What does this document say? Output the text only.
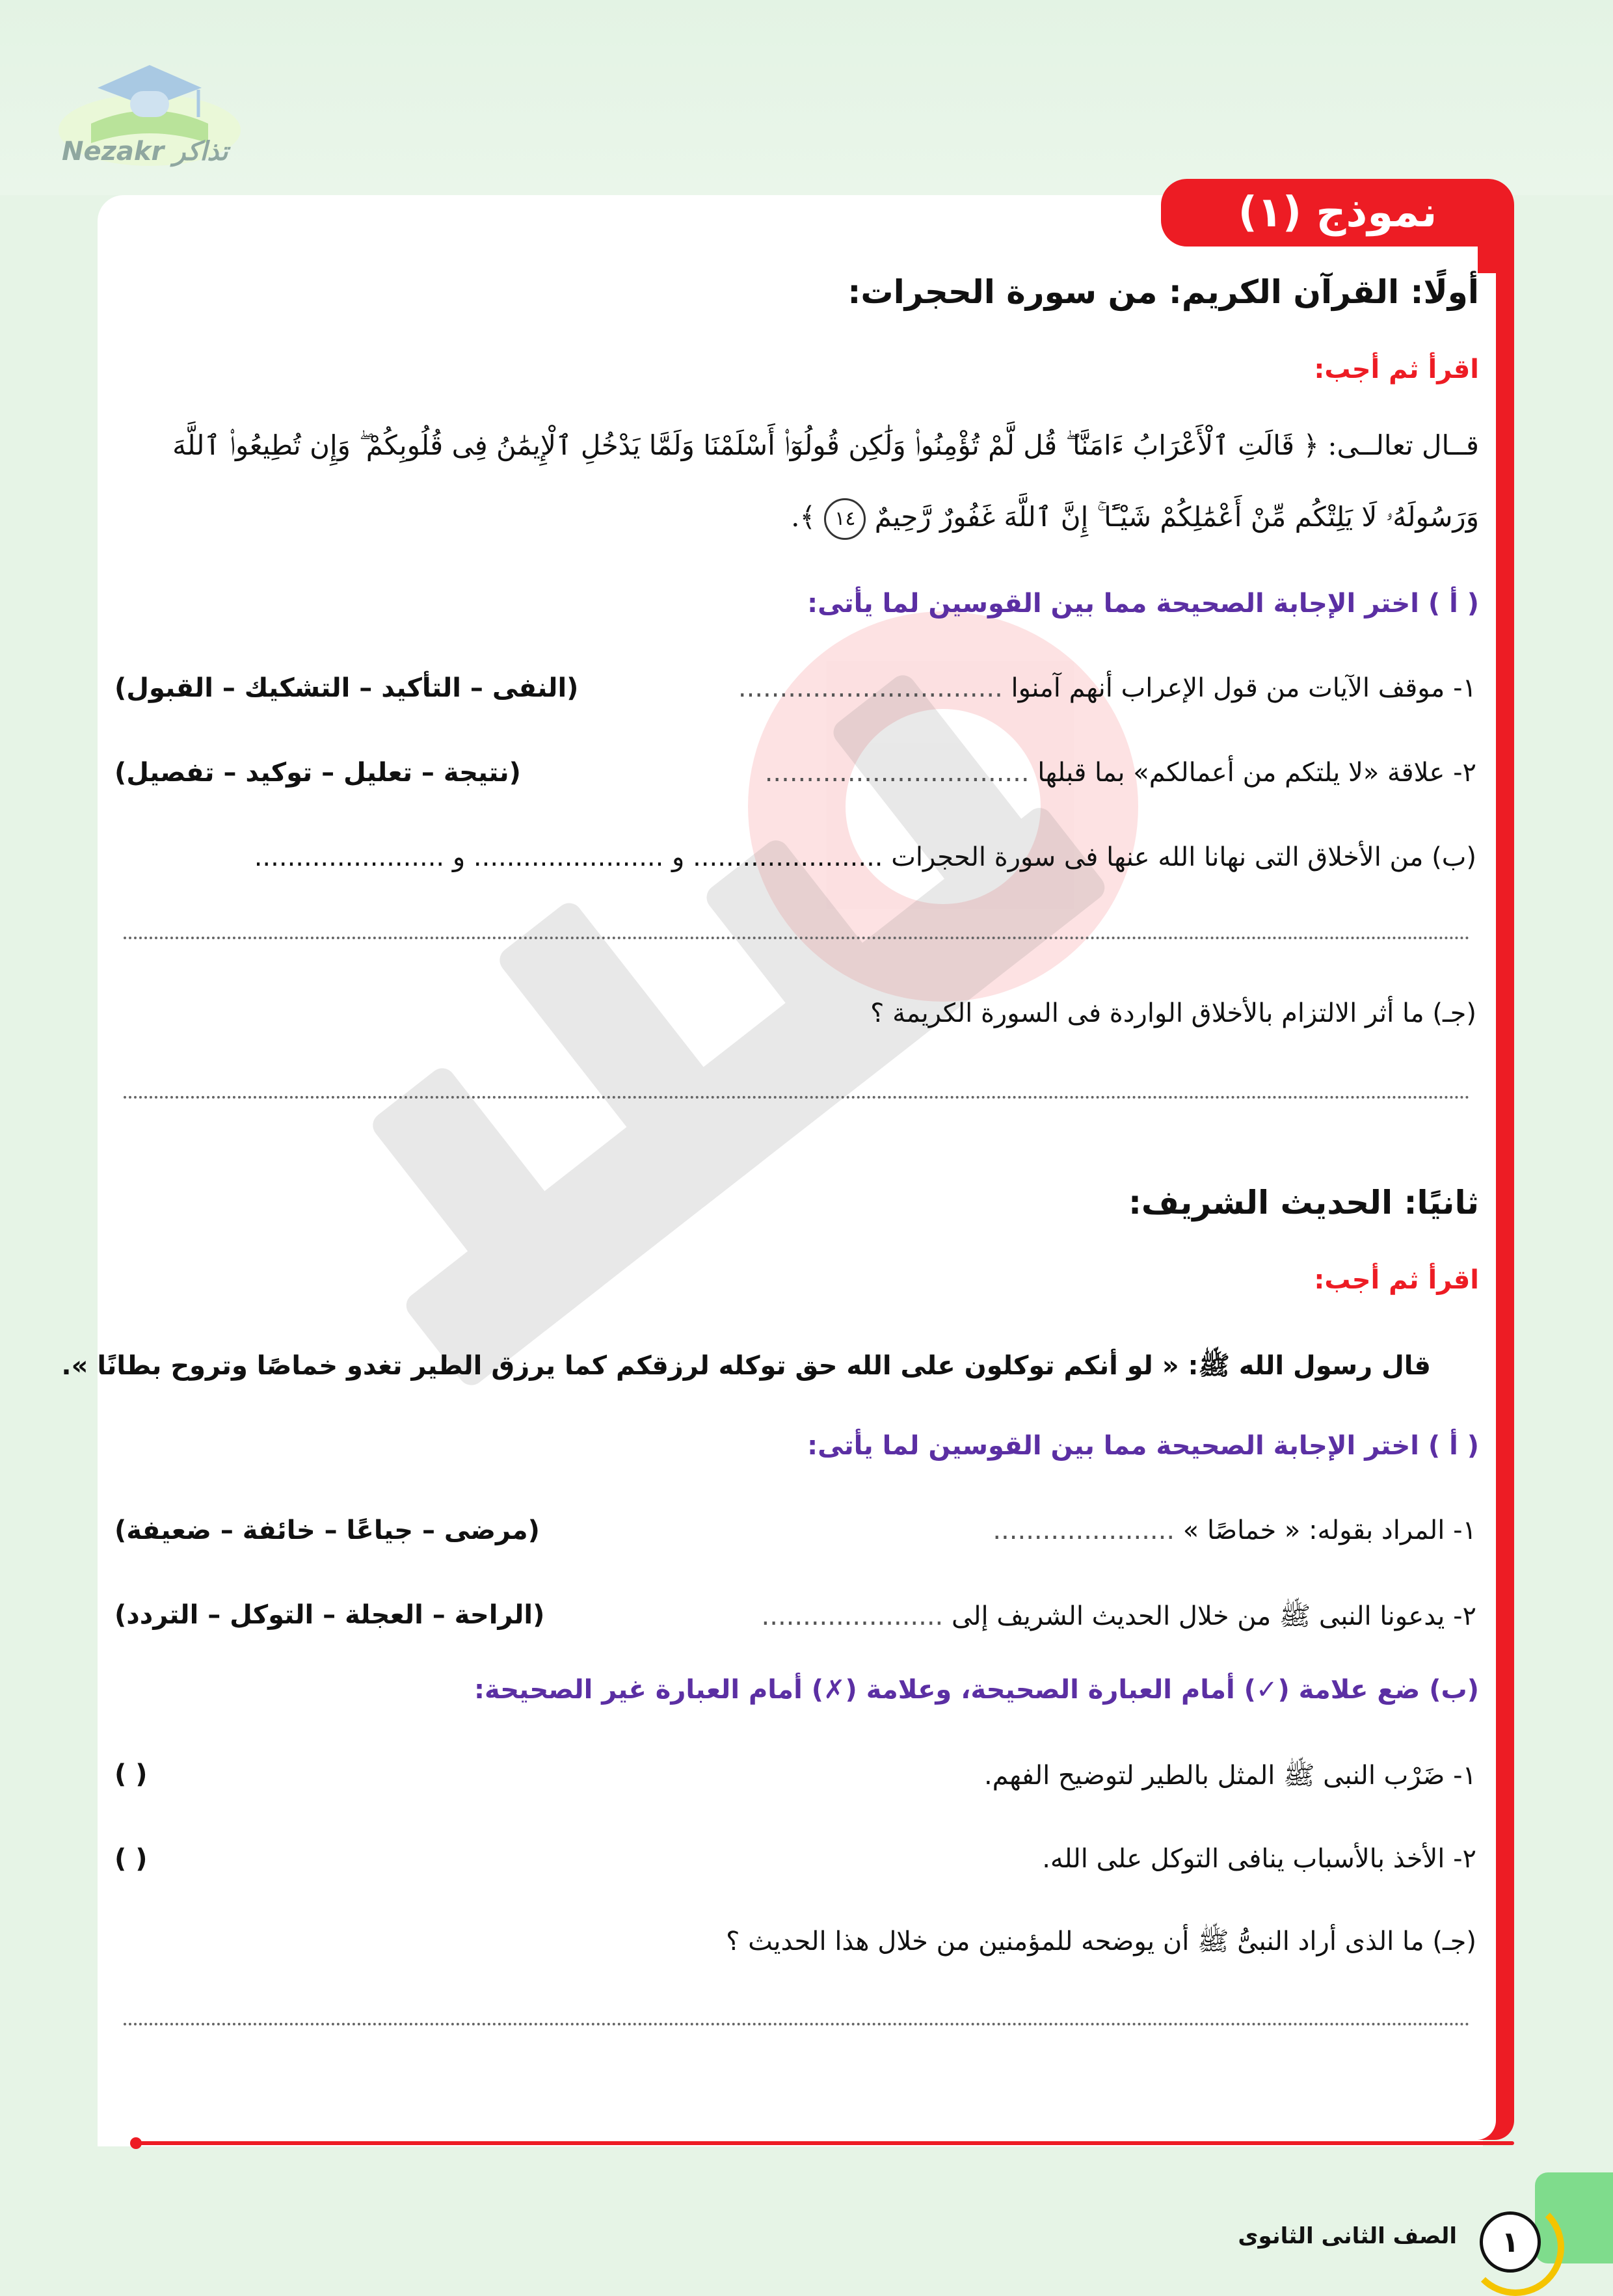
Nezakr تذاكر
نموذج (١)
أولًا: القرآن الكريم: من سورة الحجرات:
اقرأ ثم أجب:
قــال تعالــى: ﴿ قَالَتِ ٱلْأَعْرَابُ ءَامَنَّا ۖ قُل لَّمْ تُؤْمِنُوا۟ وَلَٰكِن قُولُوٓا۟ أَسْلَمْنَا وَلَمَّا يَدْخُلِ ٱلْإِيمَٰنُ فِى قُلُوبِكُمْ ۖ وَإِن تُطِيعُوا۟ ٱللَّهَ وَرَسُولَهُۥ لَا يَلِتْكُم مِّنْ أَعْمَٰلِكُمْ شَيْـًٔا ۚ إِنَّ ٱللَّهَ غَفُورٌ رَّحِيمٌ ١٤ ﴾.
( أ ) اختر الإجابة الصحيحة مما بين القوسين لما يأتى:
١- موقف الآيات من قول الإعراب أنهم آمنوا ................................
(النفى – التأكيد – التشكيك – القبول)
٢- علاقة «لا يلتكم من أعمالكم» بما قبلها ................................
(نتيجة – تعليل – توكيد – تفصيل)
(ب) من الأخلاق التى نهانا الله عنها فى سورة الحجرات ....................... و ....................... و .......................
(جـ) ما أثر الالتزام بالأخلاق الواردة فى السورة الكريمة ؟
ثانيًا: الحديث الشريف:
اقرأ ثم أجب:
قال رسول الله ﷺ: « لو أنكم توكلون على الله حق توكله لرزقكم كما يرزق الطير تغدو خماصًا وتروح بطانًا ».
( أ ) اختر الإجابة الصحيحة مما بين القوسين لما يأتى:
١- المراد بقوله: « خماصًا » ......................
(مرضى – جياعًا – خائفة – ضعيفة)
٢- يدعونا النبى ﷺ من خلال الحديث الشريف إلى ......................
(الراحة – العجلة – التوكل – التردد)
(ب) ضع علامة (✓) أمام العبارة الصحيحة، وعلامة (✗) أمام العبارة غير الصحيحة:
١- ضَرْب النبى ﷺ المثل بالطير لتوضيح الفهم.
( )
٢- الأخذ بالأسباب ينافى التوكل على الله.
( )
(جـ) ما الذى أراد النبىُّ ﷺ أن يوضحه للمؤمنين من خلال هذا الحديث ؟
١
الصف الثانى الثانوى
